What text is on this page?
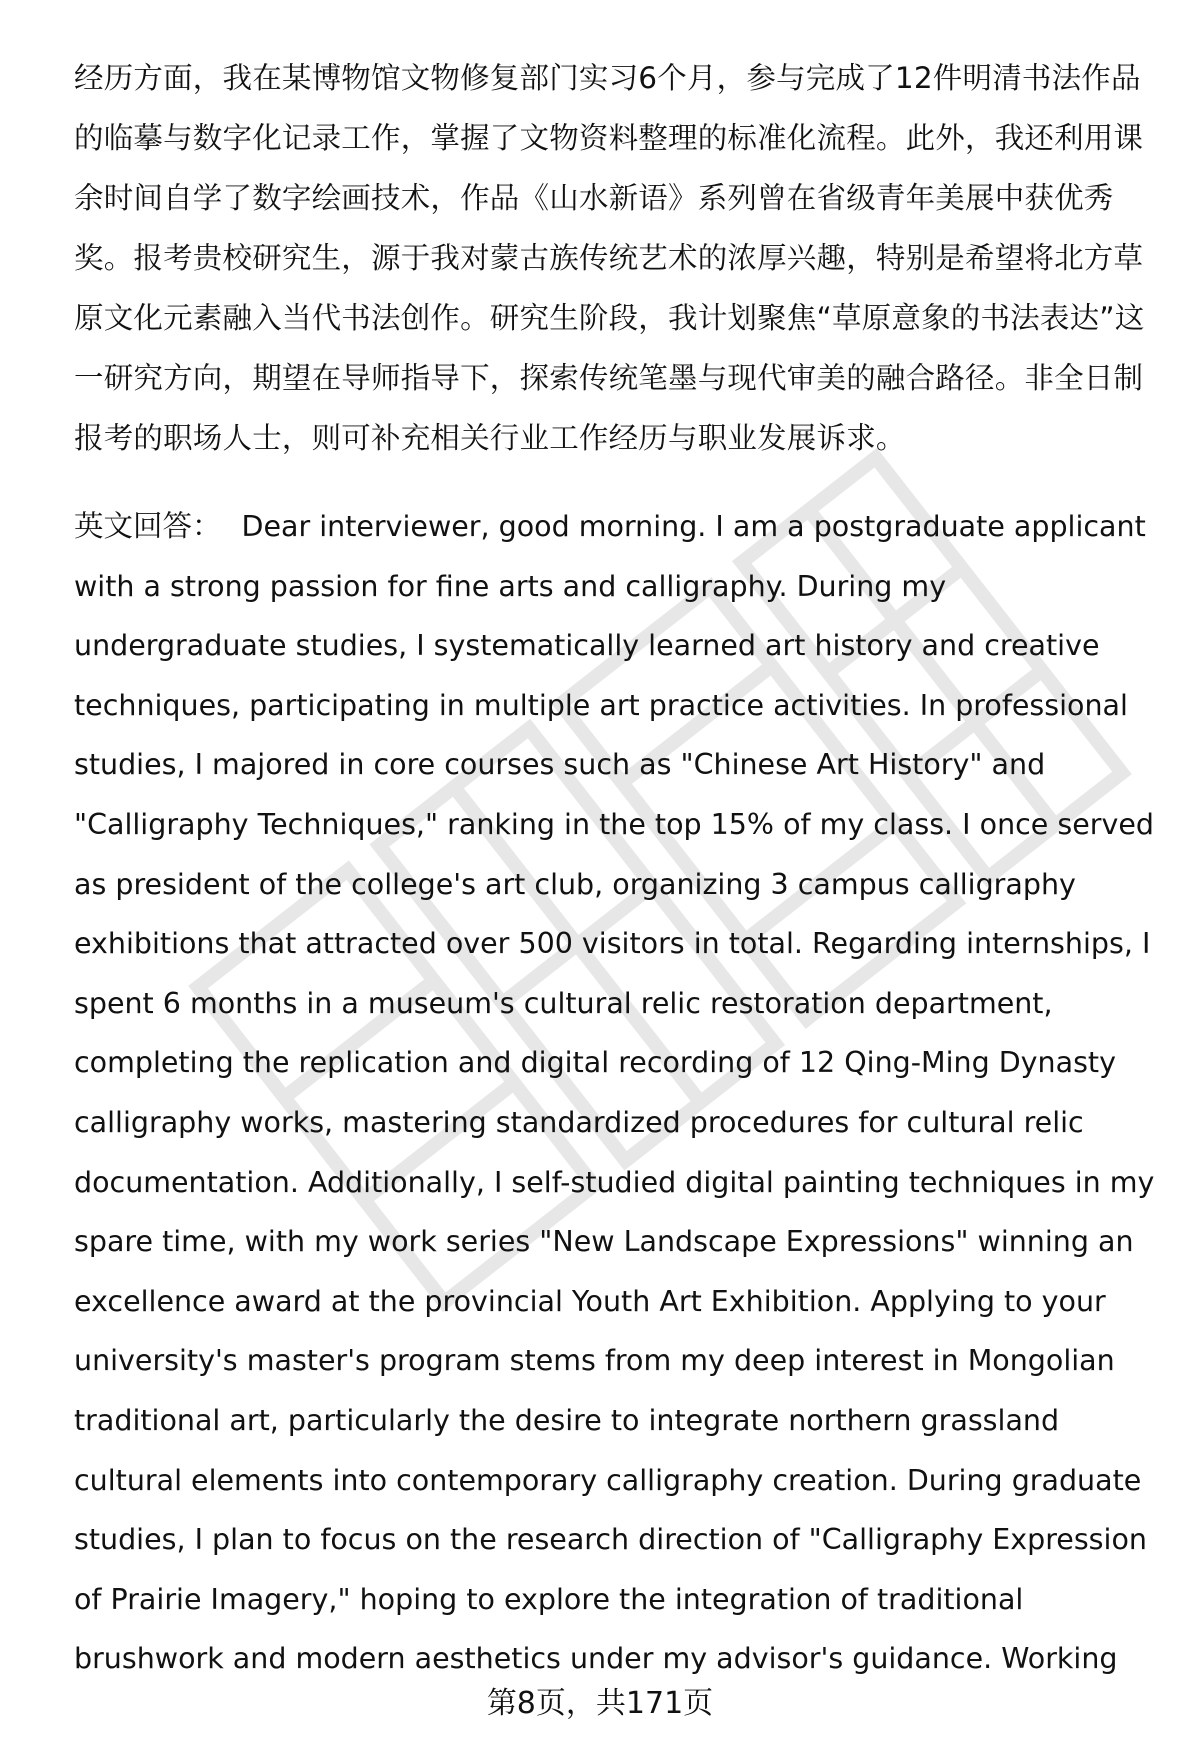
经历方面，我在某博物馆文物修复部门实习6个月，参与完成了12件明清书法作品的临摹与数字化记录工作，掌握了文物资料整理的标准化流程。此外，我还利用课余时间自学了数字绘画技术，作品《山水新语》系列曾在省级青年美展中获优秀奖。报考贵校研究生，源于我对蒙古族传统艺术的浓厚兴趣，特别是希望将北方草原文化元素融入当代书法创作。研究生阶段，我计划聚焦“草原意象的书法表达”这一研究方向，期望在导师指导下，探索传统笔墨与现代审美的融合路径。非全日制报考的职场人士，则可补充相关行业工作经历与职业发展诉求。

英文回答： Dear interviewer, good morning. I am a postgraduate applicant with a strong passion for fine arts and calligraphy. During my undergraduate studies, I systematically learned art history and creative techniques, participating in multiple art practice activities. In professional studies, I majored in core courses such as "Chinese Art History" and "Calligraphy Techniques," ranking in the top 15% of my class. I once served as president of the college's art club, organizing 3 campus calligraphy exhibitions that attracted over 500 visitors in total. Regarding internships, I spent 6 months in a museum's cultural relic restoration department, completing the replication and digital recording of 12 Qing-Ming Dynasty calligraphy works, mastering standardized procedures for cultural relic documentation. Additionally, I self-studied digital painting techniques in my spare time, with my work series "New Landscape Expressions" winning an excellence award at the provincial Youth Art Exhibition. Applying to your university's master's program stems from my deep interest in Mongolian traditional art, particularly the desire to integrate northern grassland cultural elements into contemporary calligraphy creation. During graduate studies, I plan to focus on the research direction of "Calligraphy Expression of Prairie Imagery," hoping to explore the integration of traditional brushwork and modern aesthetics under my advisor's guidance. Working

第8页，共171页
